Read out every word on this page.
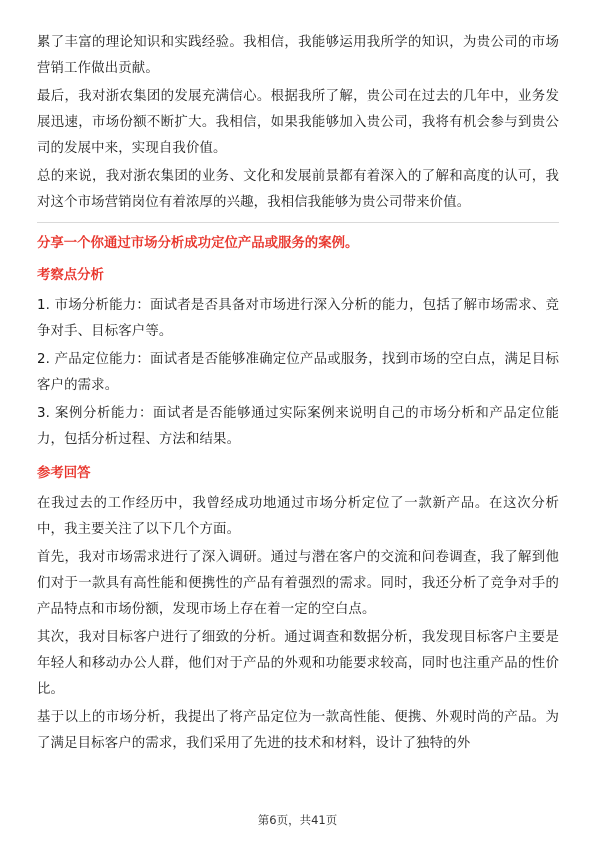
累了丰富的理论知识和实践经验。我相信，我能够运用我所学的知识，为贵公司的市场营销工作做出贡献。

最后，我对浙农集团的发展充满信心。根据我所了解，贵公司在过去的几年中，业务发展迅速，市场份额不断扩大。我相信，如果我能够加入贵公司，我将有机会参与到贵公司的发展中来，实现自我价值。

总的来说，我对浙农集团的业务、文化和发展前景都有着深入的了解和高度的认可，我对这个市场营销岗位有着浓厚的兴趣，我相信我能够为贵公司带来价值。

分享一个你通过市场分析成功定位产品或服务的案例。

考察点分析

1. 市场分析能力：面试者是否具备对市场进行深入分析的能力，包括了解市场需求、竞争对手、目标客户等。

2. 产品定位能力：面试者是否能够准确定位产品或服务，找到市场的空白点，满足目标客户的需求。

3. 案例分析能力：面试者是否能够通过实际案例来说明自己的市场分析和产品定位能力，包括分析过程、方法和结果。

参考回答

在我过去的工作经历中，我曾经成功地通过市场分析定位了一款新产品。在这次分析中，我主要关注了以下几个方面。

首先，我对市场需求进行了深入调研。通过与潜在客户的交流和问卷调查，我了解到他们对于一款具有高性能和便携性的产品有着强烈的需求。同时，我还分析了竞争对手的产品特点和市场份额，发现市场上存在着一定的空白点。

其次，我对目标客户进行了细致的分析。通过调查和数据分析，我发现目标客户主要是年轻人和移动办公人群，他们对于产品的外观和功能要求较高，同时也注重产品的性价比。

基于以上的市场分析，我提出了将产品定位为一款高性能、便携、外观时尚的产品。为了满足目标客户的需求，我们采用了先进的技术和材料，设计了独特的外

第6页，共41页
